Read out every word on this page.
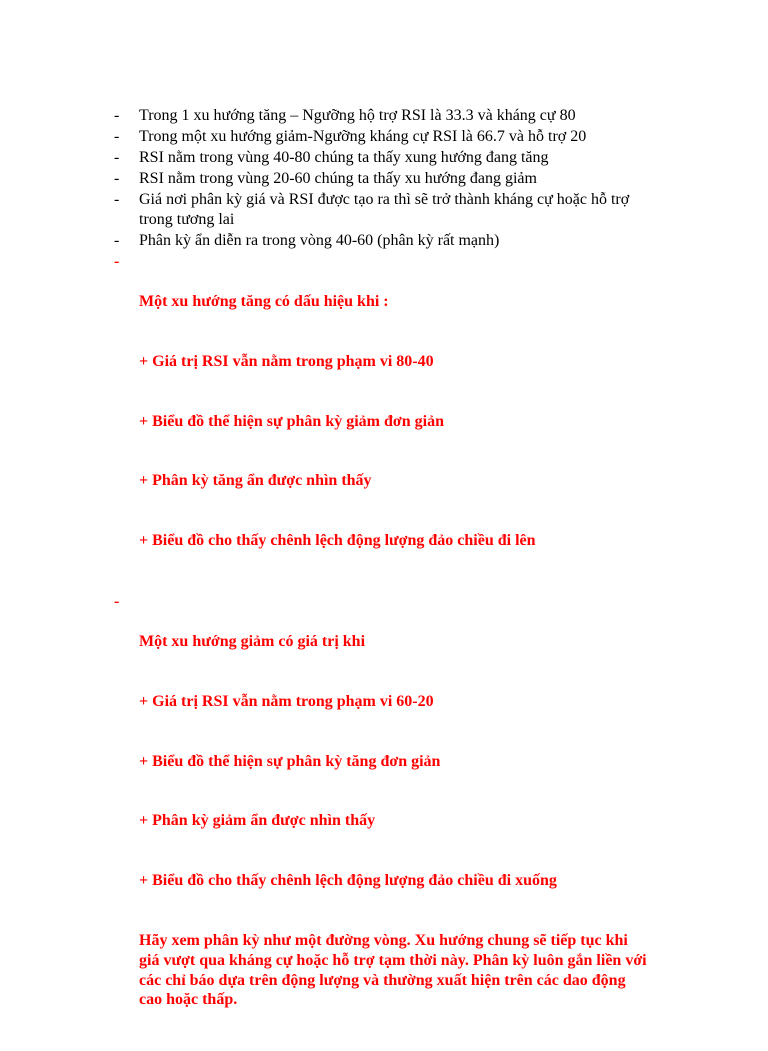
-	Trong 1 xu hướng tăng – Ngưỡng hộ trợ RSI là 33.3 và kháng cự 80
-	Trong một xu hướng giảm-Ngưỡng kháng cự RSI là 66.7 và hỗ trợ 20
-	RSI nằm trong vùng 40-80 chúng ta thấy xung hướng đang tăng
-	RSI nằm trong vùng 20-60 chúng ta thấy xu hướng đang giảm
-	Giá nơi phân kỳ giá và RSI được tạo ra thì sẽ trở thành kháng cự hoặc hỗ trợ
trong tương lai
-	Phân kỳ ẩn diễn ra trong vòng 40-60 (phân kỳ rất mạnh)
-

Một xu hướng tăng có dấu hiệu khi :

+ Giá trị RSI vẫn nằm trong phạm vi 80-40

+ Biểu đồ thể hiện sự phân kỳ giảm đơn giản

+ Phân kỳ tăng ẩn được nhìn thấy

+ Biểu đồ cho thấy chênh lệch động lượng đảo chiều đi lên

-

Một xu hướng giảm có giá trị khi

+ Giá trị RSI vẫn nằm trong phạm vi 60-20

+ Biểu đồ thể hiện sự phân kỳ tăng đơn giản

+ Phân kỳ giảm ẩn được nhìn thấy

+ Biểu đồ cho thấy chênh lệch động lượng đảo chiều đi xuống

Hãy xem phân kỳ như một đường vòng. Xu hướng chung sẽ tiếp tục khi
giá vượt qua kháng cự hoặc hỗ trợ tạm thời này. Phân kỳ luôn gắn liền với
các chỉ báo dựa trên động lượng và thường xuất hiện trên các dao động
cao hoặc thấp.
